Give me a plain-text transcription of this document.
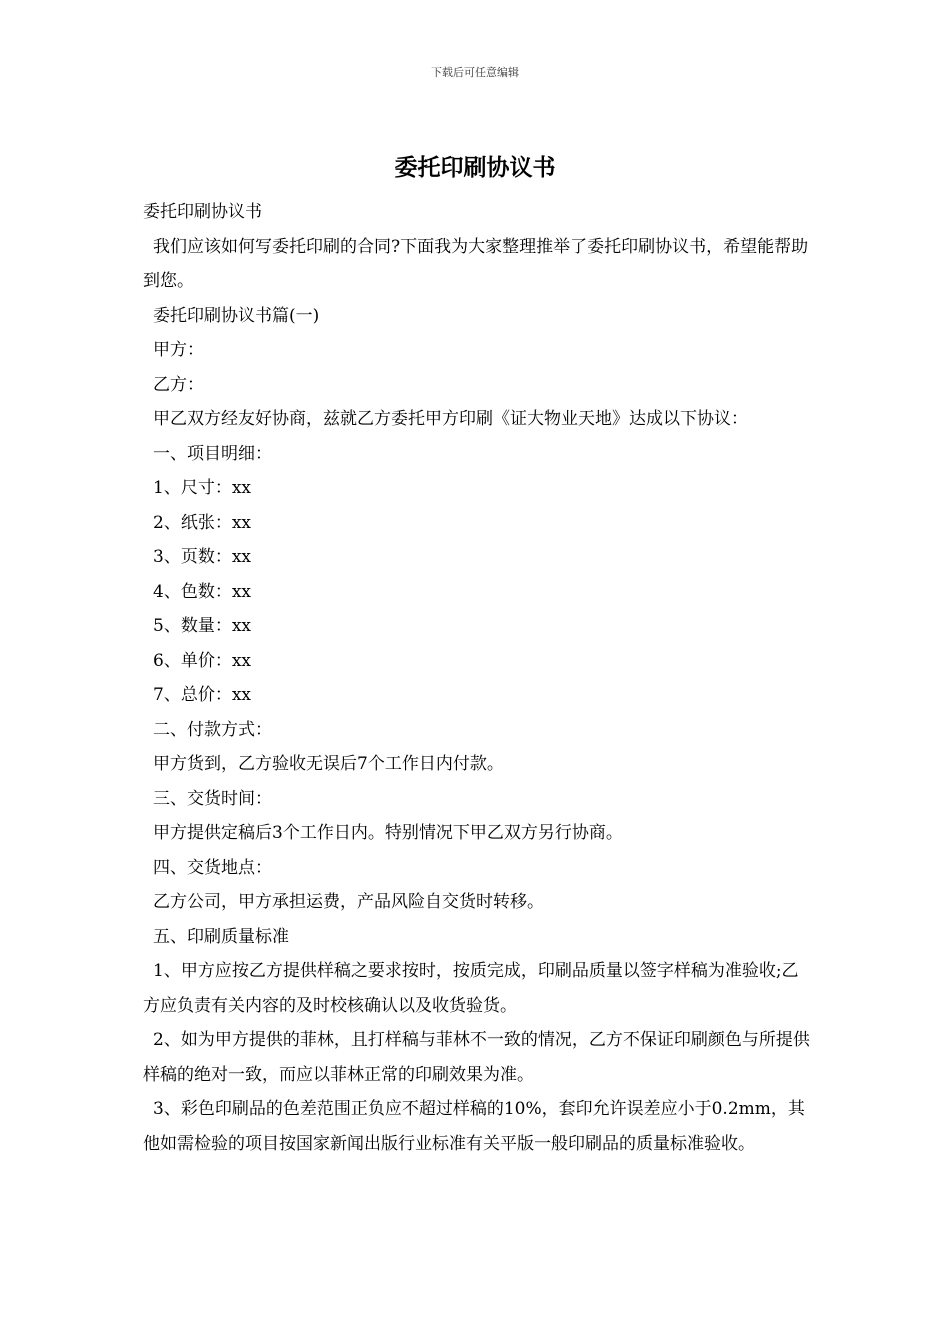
下载后可任意编辑
委托印刷协议书

委托印刷协议书

我们应该如何写委托印刷的合同?下面我为大家整理推举了委托印刷协议书，希望能帮助到您。

委托印刷协议书篇(一)

甲方：

乙方：

甲乙双方经友好协商，兹就乙方委托甲方印刷《证大物业天地》达成以下协议：

一、项目明细：

1、尺寸：xx

2、纸张：xx

3、页数：xx

4、色数：xx

5、数量：xx

6、单价：xx

7、总价：xx

二、付款方式：

甲方货到，乙方验收无误后7个工作日内付款。

三、交货时间：

甲方提供定稿后3个工作日内。特别情况下甲乙双方另行协商。

四、交货地点：

乙方公司，甲方承担运费，产品风险自交货时转移。

五、印刷质量标准

1、甲方应按乙方提供样稿之要求按时，按质完成，印刷品质量以签字样稿为准验收;乙方应负责有关内容的及时校核确认以及收货验货。

2、如为甲方提供的菲林，且打样稿与菲林不一致的情况，乙方不保证印刷颜色与所提供样稿的绝对一致，而应以菲林正常的印刷效果为准。

3、彩色印刷品的色差范围正负应不超过样稿的10%，套印允许误差应小于0.2mm，其他如需检验的项目按国家新闻出版行业标准有关平版一般印刷品的质量标准验收。
